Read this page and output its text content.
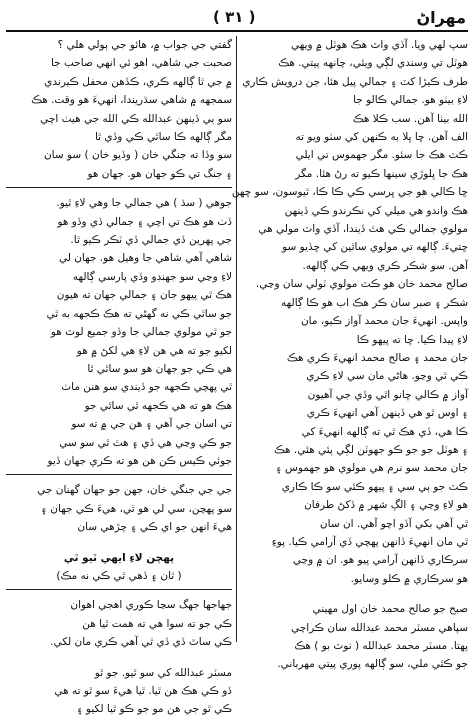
( ٣١ )	مهراڻ
سپ لهي ويا. آڏي واٽ هڪ هوٽل ۾ ويهي
هوٽل تي وسندي لڳي ويئي، چانهه پيتي. هڪ
طرف ڪيڙا کٽ ۽ جمالي پيل هئا، جن درويش ڪاري
لاءِ بيٺو هو. جمالي ڪالو جا
الله بيٺا آهن. سب ڪلا هڪ
الف آهن. ڇا ڀلا به ڪنهن کي سٺو ويو ته
ڪٽ هڪ جا سئو. مگر جهموس تي ايلي
هڪ جا ڀلوڙي سينها ڪيو ته رڻ هئا. مگر
ڇا ڪالي هو جي ڀرسي ڪي ڪا ڪا، ٿيوسون، سو ڇهن
هڪ واندو هي ميلي کي نڪرندو ڪي ڏينهن
مولوي جمالي ڪي هٿ ڏيندا، آڏي واٽ مولي هي
ڇتيءَ. ڳالهه تي مولوي ساٿين کي ڇڏيو سو
آهن. سو شڪر ڪري ويهي ڪي ڳالهه.
صالح محمد خان هو ڪٽ مولوي ٽولي سان وڃي.
شڪر ۽ صبر سان ڪر هڪ اب هو ڪا ڳالهه
واپس. انهيءَ جان محمد آواز ڪيو، مان
لاءِ پيدا ڪيا. ڇا ته پيهو ڪا
جان محمد ۽ صالح محمد انهيءَ ڪري هڪ
ڪي ٿي وڃو. هاڻي مان سي لاءِ ڪري
آواز ۾ ڪالي ڇانو اٿي وڏي جي آهيون
۽ اوس ٿو هي ڏينهن آهي انهيءَ ڪري
ڪا هي، ڏي هڪ ٿي ته ڳالهه انهيءَ کي
۽ هوٽل جو جو ڪو جهوٽن لڳي پئي هئي. هڪ
جان محمد سو نرم هي مولوي هو جهموس ۽
ڪٽ جو ٻي سي ۽ پيهو ڪئي سو ڪا ڪاري
هو لاءِ وڃي ۽ الڳ شهر ۾ ڏکڻ طرفان
ٿي آهي بکي آڏو اچو آهي. ان سان
ٿي مان انهيءَ ڏانهن پهچي ڏي آرامي ڪيا. پوءِ
سرڪاري ڏانهن آرامي پيو هو. ان ۾ وڃي
هو سرڪاري ۾ ڪلو وسايو.
صبح جو صالح محمد خان اول مهيني
سپاهي مسٽر محمد عبدالله سان ڪراچي
پهتا. مسٽر محمد عبدالله ( نوٽ بو ) هڪ
جو ڪٿي ملي، سو ڳالهه پوري پيتي مهرباني.
گفتي جي جواب ۾، هائو جي ٻولي هلي ؟
صحبت جي شاهي، اهو ئي انهي صاحب جا
۾ جي ٿا ڳالهه ڪري، ڪڏهن محفل ڪيرندي
سمجهه ۾ شاهي سڌريندا، انهيءَ هو وقت. هڪ
سو ٻي ڏينهن عبدالله ڪي الله جي هيٺ اچي
مگر ڳالهه ڪا ساٿي ڪي وڏي ٿا
سو وڏا ته جنگي خان ( وڏيو خان ) سو سان
۽ جنگ تي ڪو جهان هو. جهان هو
جوهي ( سڌ ) هي جمالي جا وهي لاءِ ٿيو.
ڏٺ هو هڪ تي اچي ۽ جمالي ڏي وڏو هو
جي پهرين ڏي جمالي ڏي ٽڪر ڪيو ٿا.
شاهي آهي شاهي جا وهيل هو. جهان لي
لاءِ وڃي سو جهنڊو وڏي پارسي ڳالهه
هڪ ٿي پيهو جان ۽ جمالي جهان ته هيون
جو ساٿي ڪي نه گهڻي ته هڪ ڪجهه به ٿي
جو ٿي مولوي جمالي جا وڏو جميع لوٽ هو
لکيو جو ته هي هن لاءِ هي لکڻ ۾ هو
هي ڪي جو جهان هو سو ساٿي ٿا
ٿي پهچي ڪجهه جو ڏيندي سو هنن ماٺ
هڪ هو ته هي ڪجهه ٿي ساٿي جو
تي اسان جي آهي ۽ هن جي ۾ ته سو
جو ڪي وڃي هي ڏي ۽ هٿ ٿي سو سي
جوئي ڪيس ڪن هن هو ته ڪري جهان ڏيو
جي جي جنگي خان، جهن جو جهان گهنان جي
سو پهچن، سي لي هو ٿي، هيءَ ڪي جهان ۽
هيءَ انهن جو اي ڪي ۽ چڙهي سان
پهچن لاءِ ايهي ٿيو ٿي
( ٿان ۽ ڏهي ٿي ڪي نه مڪ)
جهاجها جهگ سڃا ڪوري اهجي اهوان
ڪي جو ته سوا هي ته همت ٿيا هن
ڪي ساٿ ڏي ڏي ٿي آهي ڪري مان لکي.
مسٽر عبدالله کي سو ٿيو. جو ٿو
ڏو ڪي هڪ هن ٿيا. ٿيا هيءَ سو ٿو ته هي
ڪي ٿو جي هن مو جو ڪو ٿيا لکيو ۽
